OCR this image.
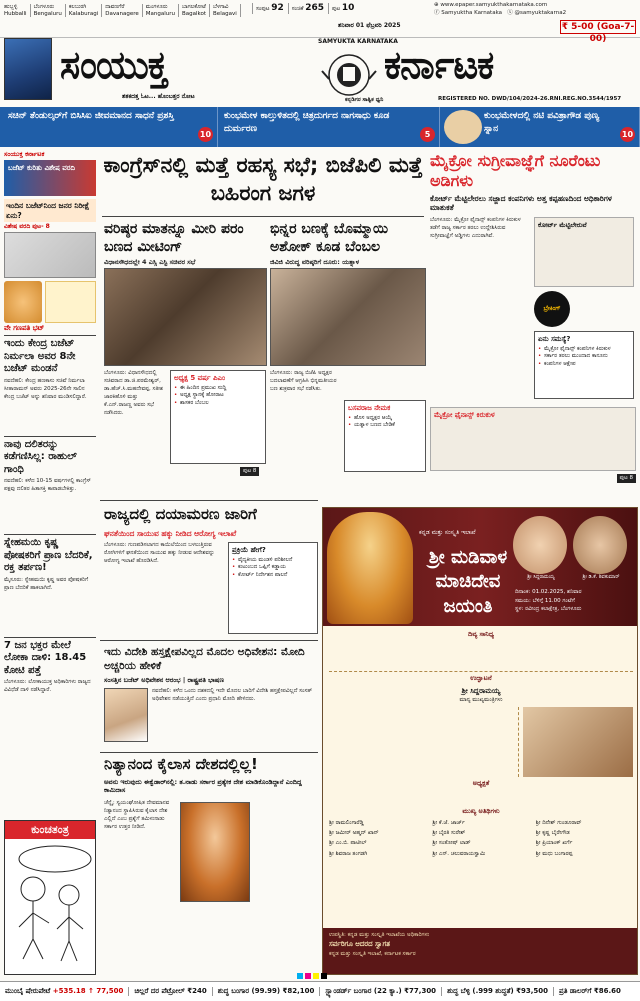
ಹುಬ್ಬಳ್ಳಿ
Hubballi
ಬೆಂಗಳೂರು
Bengaluru
ಕಲಬುರಗಿ
Kalaburagi
ದಾವಣಗೆರೆ
Davanagere
ಮಂಗಳೂರು
Mangaluru
ಬಾಗಲಕೋಟೆ
Bagalkot
ಬೆಳಗಾವಿ
Belagavi
ಸಂಪುಟ 92	ಸಂಚಿಕೆ 265	ಪುಟ 10
ಶನಿವಾರ 01 ಫೆಬ್ರವರಿ 2025
⊕ www.epaper.samyukthakarnataka.com
ⓕ Samyuktha Karnataka ⓧ @samyuktakarna2
₹ 5-00 (Goa-7-00)
ಸಂಯುಕ್ತ
ಶತಕದತ್ತ ಓಟ... ಹೊಂಬತ್ತರ ನೋಟ
SAMYUKTA KARNATAKA
ಕನ್ನಡಿಗರ ಸಾತ್ವಿಕ ಧ್ವನಿ
ಕರ್ನಾಟಕ
REGISTERED NO. DWD/104/2024-26.RNI.REG.NO.3544/1957
ಸಚಿನ್ ತೆಂಡುಲ್ಕರ್‌ಗೆ ಬಿಸಿಸಿಐ ಜೀವಮಾನದ ಸಾಧನೆ ಪ್ರಶಸ್ತಿ
10
ಕುಂಭಮೇಳ ಕಾಲ್ತುಳಿತದಲ್ಲಿ ಚಿತ್ರದುರ್ಗದ ನಾಗಸಾಧು ಕೂಡ ದುರ್ಮರಣ
5
ಕುಂಭಮೇಳದಲ್ಲಿ ನಟಿ ಪವಿತ್ರಾಗೌಡ ಪುಣ್ಯ ಸ್ನಾನ
10
ಸಂಯುಕ್ತ ಕರ್ನಾಟಕ
ಬಜೆಟ್ ಕುರಿತು ವಿಶೇಷ ವರದಿ
ಇಂದಿನ ಬಜೆಟ್‌ನಿಂದ ಜನರ ನಿರೀಕ್ಷೆ ಏನು?
ವಿಶೇಷ ವರದಿ ಪುಟ- 8
ವೇ ಗಣಪತಿ ಭಟ್
ಇಂದು ಕೇಂದ್ರ ಬಜೆಟ್ ನಿರ್ಮಲಾ ಅವರ 8ನೇ ಬಜೆಟ್ ಮಂಡನೆ
ನವದೆಹಲಿ: ಕೇಂದ್ರ ಹಣಕಾಸು ಸಚಿವೆ ನಿರ್ಮಲಾ ಸೀತಾರಾಮನ್ ಅವರು 2025-26ನೇ ಸಾಲಿನ ಕೇಂದ್ರ ಬಜೆಟ್ ಅನ್ನು ಶನಿವಾರ ಮಂಡಿಸಲಿದ್ದಾರೆ.
ನಾವು ದಲಿತರನ್ನು ಕಡೆಗಣಿಸಿಲ್ಲ: ರಾಹುಲ್ ಗಾಂಧಿ
ನವದೆಹಲಿ: ಕಳೆದ 10-15 ವರ್ಷಗಳಲ್ಲಿ ಕಾಂಗ್ರೆಸ್ ಪಕ್ಷವು ದಲಿತರ ಹಿತಾಸಕ್ತಿ ಕಾಪಾಡಬೇಕಿತ್ತು.
ಸ್ನೇಹಮಯಿ ಕೃಷ್ಣ ಪೋಷಕರಿಗೆ ಪ್ರಾಣ ಬೆದರಿಕೆ, ರಕ್ತ ತರ್ಪಣ!
ಮೈಸೂರು: ಸ್ನೇಹಮಯಿ ಕೃಷ್ಣ ಅವರ ಪೋಷಕರಿಗೆ ಪ್ರಾಣ ಬೆದರಿಕೆ ಹಾಕಲಾಗಿದೆ.
7 ಜನ ಭಕ್ತರ ಮೇಲೆ ಲೋಕಾ ದಾಳಿ: 18.45 ಕೋಟಿ ಪತ್ತೆ
ಬೆಂಗಳೂರು: ಲೋಕಾಯುಕ್ತ ಅಧಿಕಾರಿಗಳು ರಾಜ್ಯದ ವಿವಿಧೆಡೆ ದಾಳಿ ನಡೆಸಿದ್ದಾರೆ.
ಕುಂಚತಂತ್ರ
ಕಾಂಗ್ರೆಸ್‌ನಲ್ಲಿ ಮತ್ತೆ ರಹಸ್ಯ ಸಭೆ; ಬಿಜೆಪಿಲಿ ಮತ್ತೆ ಬಹಿರಂಗ ಜಗಳ
ವರಿಷ್ಠರ ಮಾತನ್ನೂ ಮೀರಿ ಪರಂ ಬಣದ ಮೀಟಿಂಗ್
ವಿಧಾನಸೌಧದಲ್ಲೇ 4 ಎಸ್ಸಿ ಎಸ್ಟಿ ಸಚಿವರ ಸಭೆ
ಭಿನ್ನರ ಬಣಕ್ಕೆ ಬೊಮ್ಮಾಯಿ ಅಶೋಕ್ ಕೂಡ ಬೆಂಬಲ
ಜಿವಿಜಿ ವಿರುದ್ಧ ವರಿಷ್ಠರಿಗೆ ದೂರು: ಯತ್ನಾಳ
ಬೆಂಗಳೂರು: ವಿಧಾನಸೌಧದಲ್ಲಿ ಸಚಿವರಾದ ಡಾ.ಜಿ.ಪರಮೇಶ್ವರ್, ಡಾ.ಹೆಚ್.ಸಿ.ಮಹದೇವಪ್ಪ, ಸತೀಶ ಜಾರಕಿಹೊಳಿ ಮತ್ತು ಕೆ.ಎನ್.ರಾಜಣ್ಣ ಅವರು ಸಭೆ ನಡೆಸಿದರು.
ಅಧ್ಯಕ್ಷ 5 ವರ್ಷ ಪಿಎಂ
• ಈ ಹಿಂದಿನ ಪ್ರಮುಖ ಸುದ್ದಿ
• ಅಧ್ಯಕ್ಷ ಸ್ಥಾನಕ್ಕೆ ಹೋರಾಟ
• ಶಾಸಕರ ಬೆಂಬಲ
ಪುಟ 8
ಬೆಂಗಳೂರು: ರಾಜ್ಯ ಬಿಜೆಪಿ ಅಧ್ಯಕ್ಷರ ಬದಲಾವಣೆಗೆ ಆಗ್ರಹಿಸಿ ಭಿನ್ನಮತೀಯರ ಬಣ ಶುಕ್ರವಾರ ಸಭೆ ನಡೆಸಿತು.
ಬಸವರಾಜ ನೇಮಕ
• ಹೊಸ ಅಧ್ಯಕ್ಷರ ಆಯ್ಕೆ
• ಯತ್ನಾಳ ಬಣದ ಬೇಡಿಕೆ
ಮೈಕ್ರೋ ಸುಗ್ರೀವಾಜ್ಞೆಗೆ ನೂರೆಂಟು ಅಡಿಗಳು
ಕೋರ್ಟ್ ಮೆಟ್ಟಿಲೇರಲು ಸಜ್ಜಾದ ಕಂಪನಿಗಳು ಅತ್ತ ಕಪ್ಪಹಣದಿಂದ ಅಧಿಕಾರಿಗಳ ಮಾತುಕತೆ
ಬೆಂಗಳೂರು: ಮೈಕ್ರೋ ಫೈನಾನ್ಸ್ ಕಂಪನಿಗಳ ಕಿರುಕುಳ ತಡೆಗೆ ರಾಜ್ಯ ಸರ್ಕಾರ ತರಲು ಉದ್ದೇಶಿಸಿರುವ ಸುಗ್ರೀವಾಜ್ಞೆಗೆ ಅಡ್ಡಿಗಳು ಎದುರಾಗಿವೆ.
ಕೋರ್ಟ್ ಮೆಟ್ಟಿಲೇರುವೆ
ಬ್ರೇಕಿಂಗ್
ಏನು ಸಮಸ್ಯೆ?
• ಮೈಕ್ರೋ ಫೈನಾನ್ಸ್ ಕಂಪನಿಗಳ ಕಿರುಕುಳ
• ಸರ್ಕಾರ ತರಲು ಮುಂದಾದ ಕಾನೂನು
• ಕಂಪನಿಗಳ ಆಕ್ಷೇಪ
ಮೈಕ್ರೋ ಫೈನಾನ್ಸ್ ಕಿರುಕುಳ
ಪುಟ 8
ರಾಜ್ಯದಲ್ಲಿ ದಯಾಮರಣ ಜಾರಿಗೆ
ಘನತೆಯಿಂದ ಸಾಯುವ ಹಕ್ಕು ನೀಡಿದ ಆರೋಗ್ಯ ಇಲಾಖೆ
ಬೆಂಗಳೂರು: ಗುಣಪಡಿಸಲಾಗದ ಕಾಯಿಲೆಯಿಂದ ಬಳಲುತ್ತಿರುವ ರೋಗಿಗಳಿಗೆ ಘನತೆಯಿಂದ ಸಾಯುವ ಹಕ್ಕು ನೀಡುವ ಆದೇಶವನ್ನು ಆರೋಗ್ಯ ಇಲಾಖೆ ಹೊರಡಿಸಿದೆ.
ಪ್ರಕ್ರಿಯೆ ಹೇಗೆ?
• ವೈದ್ಯಕೀಯ ಮಂಡಳಿ ಪರಿಶೀಲನೆ
• ಕುಟುಂಬದ ಒಪ್ಪಿಗೆ ಕಡ್ಡಾಯ
• ಕೋರ್ಟ್ ನಿರ್ದೇಶನ ಪಾಲನೆ
ಇದು ವಿದೇಶಿ ಹಸ್ತಕ್ಷೇಪವಿಲ್ಲದ ಮೊದಲ ಅಧಿವೇಶನ: ಮೋದಿ ಅಚ್ಚರಿಯ ಹೇಳಿಕೆ
ಸಂಸತ್ತಿನ ಬಜೆಟ್ ಅಧಿವೇಶನ ಆರಂಭ | ರಾಷ್ಟ್ರಪತಿ ಭಾಷಣ
ನವದೆಹಲಿ: ಕಳೆದ ಒಂದು ದಶಕದಲ್ಲಿ ಇದೇ ಮೊದಲ ಬಾರಿಗೆ ವಿದೇಶಿ ಹಸ್ತಕ್ಷೇಪವಿಲ್ಲದೆ ಸಂಸತ್ ಅಧಿವೇಶನ ನಡೆಯುತ್ತಿದೆ ಎಂದು ಪ್ರಧಾನಿ ಮೋದಿ ಹೇಳಿದರು.
ನಿತ್ಯಾನಂದ ಕೈಲಾಸ ದೇಶದಲ್ಲಿಲ್ಲ!
ಅವನು ಇರುವುದು ಈಕ್ವೆಡಾರ್‌ನಲ್ಲಿ: ತ.ನಾಡು ಸರ್ಕಾರ ಪ್ರತ್ಯೇಕ ದೇಶ ಮಾಡಿಕೊಂಡಿದ್ದಾನೆ ಎಂದಿದ್ದ ಕಾಮಿದಾಸ
ಚೆನ್ನೈ: ಸ್ವಯಂಘೋಷಿತ ದೇವಮಾನವ ನಿತ್ಯಾನಂದ ಸ್ಥಾಪಿಸಿರುವ ಕೈಲಾಸ ದೇಶ ಎಲ್ಲಿದೆ ಎಂಬ ಪ್ರಶ್ನೆಗೆ ತಮಿಳುನಾಡು ಸರ್ಕಾರ ಉತ್ತರ ನೀಡಿದೆ.
ಕನ್ನಡ ಮತ್ತು ಸಂಸ್ಕೃತಿ ಇಲಾಖೆ
ಶ್ರೀ ಮಡಿವಾಳ ಮಾಚಿದೇವ ಜಯಂತಿ
ಶ್ರೀ ಸಿದ್ದರಾಮಯ್ಯ	ಶ್ರೀ ಡಿ.ಕೆ. ಶಿವಕುಮಾರ್
ದಿನಾಂಕ: 01.02.2025, ಶನಿವಾರ
ಸಮಯ: ಬೆಳಿಗ್ಗೆ 11.00 ಗಂಟೆಗೆ
ಸ್ಥಳ: ರವೀಂದ್ರ ಕಲಾಕ್ಷೇತ್ರ, ಬೆಂಗಳೂರು
ದಿವ್ಯ ಸಾನಿಧ್ಯ
ಉದ್ಘಾಟನೆ
ಶ್ರೀ ಸಿದ್ದರಾಮಯ್ಯ
ಮಾನ್ಯ ಮುಖ್ಯಮಂತ್ರಿಗಳು
ಅಧ್ಯಕ್ಷತೆ
ಮುಖ್ಯ ಅತಿಥಿಗಳು
ಶ್ರೀ ರಾಮಲಿಂಗಾರೆಡ್ಡಿ	ಶ್ರೀ ಕೆ.ಜೆ. ಜಾರ್ಜ್	ಶ್ರೀ ದಿನೇಶ್ ಗುಂಡೂರಾವ್
ಶ್ರೀ ಜಮೀರ್ ಅಹ್ಮದ್ ಖಾನ್	ಶ್ರೀ ಬೈರತಿ ಸುರೇಶ್	ಶ್ರೀ ಕೃಷ್ಣ ಬೈರೇಗೌಡ
ಶ್ರೀ ಎಂ.ಬಿ. ಪಾಟೀಲ್	ಶ್ರೀ ಸಂತೋಷ್ ಲಾಡ್	ಶ್ರೀ ಪ್ರಿಯಾಂಕ್ ಖರ್ಗೆ
ಶ್ರೀ ಶಿವರಾಜ ತಂಗಡಗಿ	ಶ್ರೀ ಎನ್. ಚಲುವರಾಯಸ್ವಾಮಿ	ಶ್ರೀ ಮಧು ಬಂಗಾರಪ್ಪ
ಉಪಸ್ಥಿತಿ: ಕನ್ನಡ ಮತ್ತು ಸಂಸ್ಕೃತಿ ಇಲಾಖೆಯ ಅಧಿಕಾರಿಗಳು
ಸರ್ವರಿಗೂ ಆದರದ ಸ್ವಾಗತ
ಕನ್ನಡ ಮತ್ತು ಸಂಸ್ಕೃತಿ ಇಲಾಖೆ, ಕರ್ನಾಟಕ ಸರ್ಕಾರ
ಮುಂಬೈ ಷೇರುಪೇಟೆ +535.18 ↑ 77,500	ಚಿಲ್ಲರೆ ದರ ಪೆಟ್ರೋಲ್ ₹240	ಶುದ್ಧ ಬಂಗಾರ (99.99) ₹82,100	ಸ್ಟ್ಯಾಂಡರ್ಡ್ ಬಂಗಾರ (22 ಕ್ಯಾ.) ₹77,300	ಶುದ್ಧ ಬೆಳ್ಳಿ (.999 ಶುದ್ಧತೆ) ₹93,500	ಪ್ರತಿ ಡಾಲರ್‌ಗೆ ₹86.60
